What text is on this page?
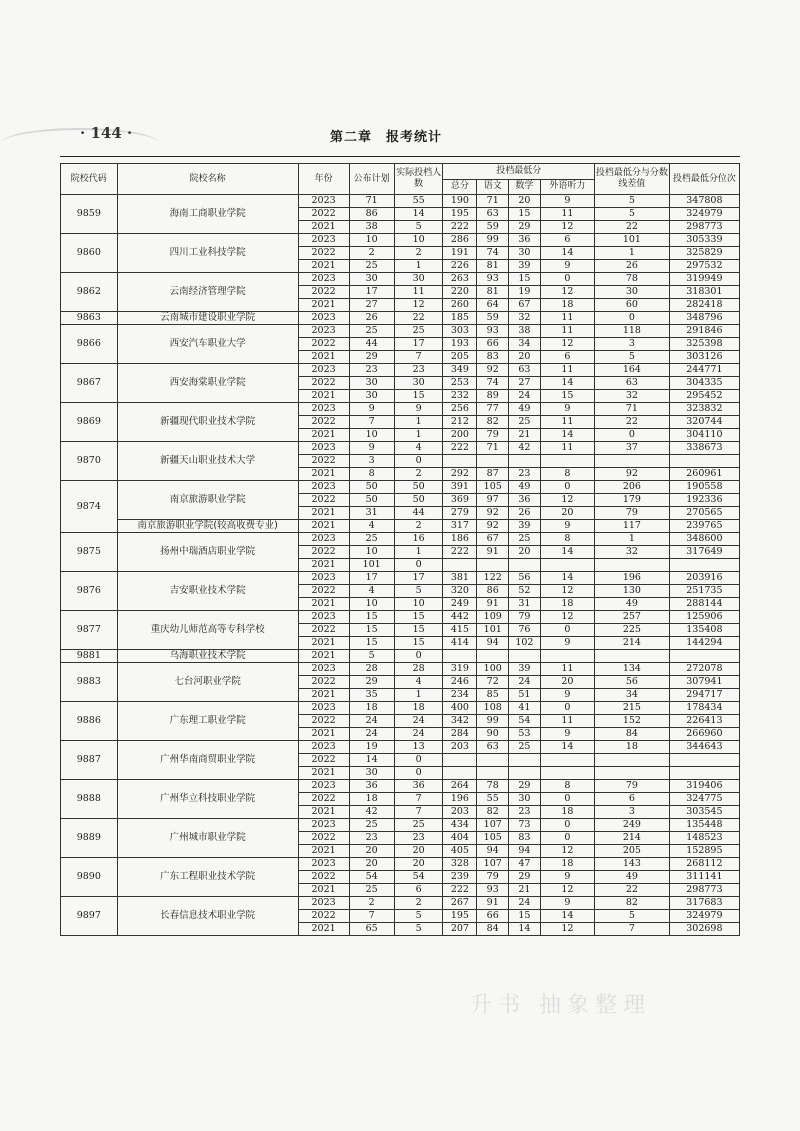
· 144 ·	第二章　报考统计
院校代码	院校名称	年份	公布计划	实际投档人数	投档最低分				投档最低分与分数线差值	投档最低分位次
					总分	语文	数学	外语听力		
9859	海南工商职业学院	2023	71	55	190	71	20	9	5	347808
		2022	86	14	195	63	15	11	5	324979
		2021	38	5	222	59	29	12	22	298773
9860	四川工业科技学院	2023	10	10	286	99	36	6	101	305339
		2022	2	2	191	74	30	14	1	325829
		2021	25	1	226	81	39	9	26	297532
9862	云南经济管理学院	2023	30	30	263	93	15	0	78	319949
		2022	17	11	220	81	19	12	30	318301
		2021	27	12	260	64	67	18	60	282418
9863	云南城市建设职业学院	2023	26	22	185	59	32	11	0	348796
9866	西安汽车职业大学	2023	25	25	303	93	38	11	118	291846
		2022	44	17	193	66	34	12	3	325398
		2021	29	7	205	83	20	6	5	303126
9867	西安海棠职业学院	2023	23	23	349	92	63	11	164	244771
		2022	30	30	253	74	27	14	63	304335
		2021	30	15	232	89	24	15	32	295452
9869	新疆现代职业技术学院	2023	9	9	256	77	49	9	71	323832
		2022	7	1	212	82	25	11	22	320744
		2021	10	1	200	79	21	14	0	304110
9870	新疆天山职业技术大学	2023	9	4	222	71	42	11	37	338673
		2022	3	0						
		2021	8	2	292	87	23	8	92	260961
9874	南京旅游职业学院	2023	50	50	391	105	49	0	206	190558
		2022	50	50	369	97	36	12	179	192336
		2021	31	44	279	92	26	20	79	270565
	南京旅游职业学院(较高收费专业)	2021	4	2	317	92	39	9	117	239765
9875	扬州中瑞酒店职业学院	2023	25	16	186	67	25	8	1	348600
		2022	10	1	222	91	20	14	32	317649
		2021	101	0						
9876	吉安职业技术学院	2023	17	17	381	122	56	14	196	203916
		2022	4	5	320	86	52	12	130	251735
		2021	10	10	249	91	31	18	49	288144
9877	重庆幼儿师范高等专科学校	2023	15	15	442	109	79	12	257	125906
		2022	15	15	415	101	76	0	225	135408
		2021	15	15	414	94	102	9	214	144294
9881	乌海职业技术学院	2021	5	0						
9883	七台河职业学院	2023	28	28	319	100	39	11	134	272078
		2022	29	4	246	72	24	20	56	307941
		2021	35	1	234	85	51	9	34	294717
9886	广东理工职业学院	2023	18	18	400	108	41	0	215	178434
		2022	24	24	342	99	54	11	152	226413
		2021	24	24	284	90	53	9	84	266960
9887	广州华南商贸职业学院	2023	19	13	203	63	25	14	18	344643
		2022	14	0						
		2021	30	0						
9888	广州华立科技职业学院	2023	36	36	264	78	29	8	79	319406
		2022	18	7	196	55	30	0	6	324775
		2021	42	7	203	82	23	18	3	303545
9889	广州城市职业学院	2023	25	25	434	107	73	0	249	135448
		2022	23	23	404	105	83	0	214	148523
		2021	20	20	405	94	94	12	205	152895
9890	广东工程职业技术学院	2023	20	20	328	107	47	18	143	268112
		2022	54	54	239	79	29	9	49	311141
		2021	25	6	222	93	21	12	22	298773
9897	长春信息技术职业学院	2023	2	2	267	91	24	9	82	317683
		2022	7	5	195	66	15	14	5	324979
		2021	65	5	207	84	14	12	7	302698
升书 抽象整理
